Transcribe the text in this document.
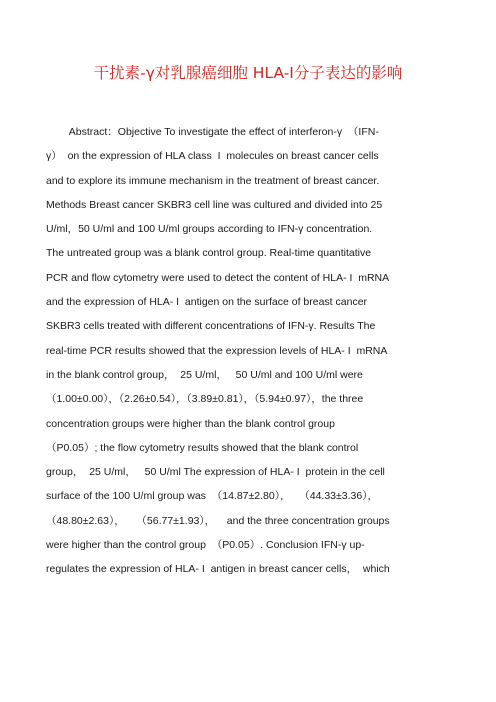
干扰素-γ对乳腺癌细胞 HLA-I分子表达的影响
Abstract：Objective To investigate the effect of interferon-γ  （IFN-
γ）  on the expression of HLA class  I  molecules on breast cancer cells
and to explore its immune mechanism in the treatment of breast cancer.
Methods Breast cancer SKBR3 cell line was cultured and divided into 25
U/ml，50 U/ml and 100 U/ml groups according to IFN-γ concentration.
The untreated group was a blank control group. Real-time quantitative
PCR and flow cytometry were used to detect the content of HLA- I  mRNA
and the expression of HLA- I  antigen on the surface of breast cancer
SKBR3 cells treated with different concentrations of IFN-γ. Results The
real-time PCR results showed that the expression levels of HLA- I  mRNA
in the blank control group，  25 U/ml，   50 U/ml and 100 U/ml were
（1.00±0.00），（2.26±0.54），（3.89±0.81），（5.94±0.97），the three
concentration groups were higher than the blank control group
（P0.05）; the flow cytometry results showed that the blank control
group，  25 U/ml，   50 U/ml The expression of HLA- I  protein in the cell
surface of the 100 U/ml group was  （14.87±2.80），   （44.33±3.36），
（48.80±2.63），    （56.77±1.93），    and the three concentration groups
were higher than the control group  （P0.05）. Conclusion IFN-γ up-
regulates the expression of HLA- I  antigen in breast cancer cells，  which
